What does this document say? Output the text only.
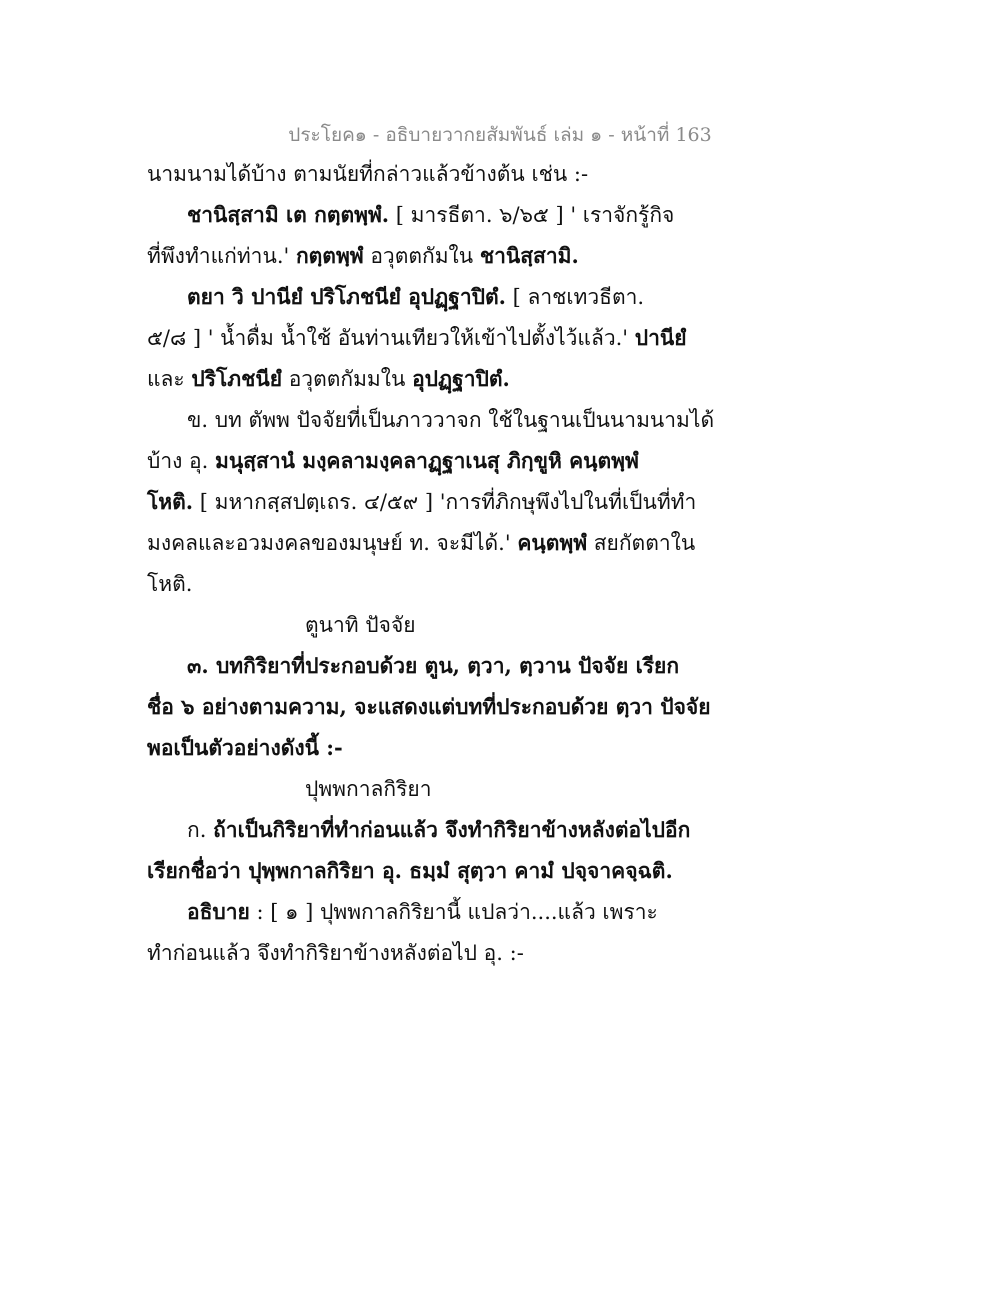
ประโยค๑ - อธิบายวากยสัมพันธ์ เล่ม ๑ - หน้าที่ 163
นามนามได้บ้าง ตามนัยที่กล่าวแล้วข้างต้น เช่น :-
ชานิสฺสามิ เต กตฺตพฺพํ. [ มารธีตา. ๖/๖๕ ] ' เราจักรู้กิจ
ที่พึงทำแก่ท่าน.' กตฺตพฺพํ อวุตตกัมใน ชานิสฺสามิ.
ตยา วิ ปานียํ ปริโภชนียํ อุปฏฺฐาปิตํ. [ ลาชเทวธีตา.
๕/๘ ] ' น้ำดื่ม น้ำใช้ อันท่านเทียวให้เข้าไปตั้งไว้แล้ว.' ปานียํ
และ ปริโภชนียํ อวุตตกัมมใน อุปฏฺฐาปิตํ.
ข. บท ตัพพ ปัจจัยที่เป็นภาววาจก ใช้ในฐานเป็นนามนามได้
บ้าง อุ. มนุสฺสานํ มงฺคลามงฺคลาฏฺฐาเนสุ ภิกฺขูหิ คนฺตพฺพํ
โหติ. [ มหากสฺสปตฺเถร. ๔/๕๙ ] 'การที่ภิกษุพึงไปในที่เป็นที่ทำ
มงคลและอวมงคลของมนุษย์ ท. จะมีได้.' คนฺตพฺพํ สยกัตตาใน
โหติ.
ตูนาทิ ปัจจัย
๓. บทกิริยาที่ประกอบด้วย ตูน, ตฺวา, ตฺวาน ปัจจัย เรียก
ชื่อ ๖ อย่างตามความ, จะแสดงแต่บทที่ประกอบด้วย ตฺวา ปัจจัย
พอเป็นตัวอย่างดังนี้ :-
ปุพพกาลกิริยา
ก. ถ้าเป็นกิริยาที่ทำก่อนแล้ว จึงทำกิริยาข้างหลังต่อไปอีก
เรียกชื่อว่า ปุพฺพกาลกิริยา อุ. ธมฺมํ สุตฺวา คามํ ปจฺจาคจฺฉติ.
อธิบาย : [ ๑ ] ปุพพกาลกิริยานี้ แปลว่า....แล้ว เพราะ
ทำก่อนแล้ว จึงทำกิริยาข้างหลังต่อไป อุ. :-
